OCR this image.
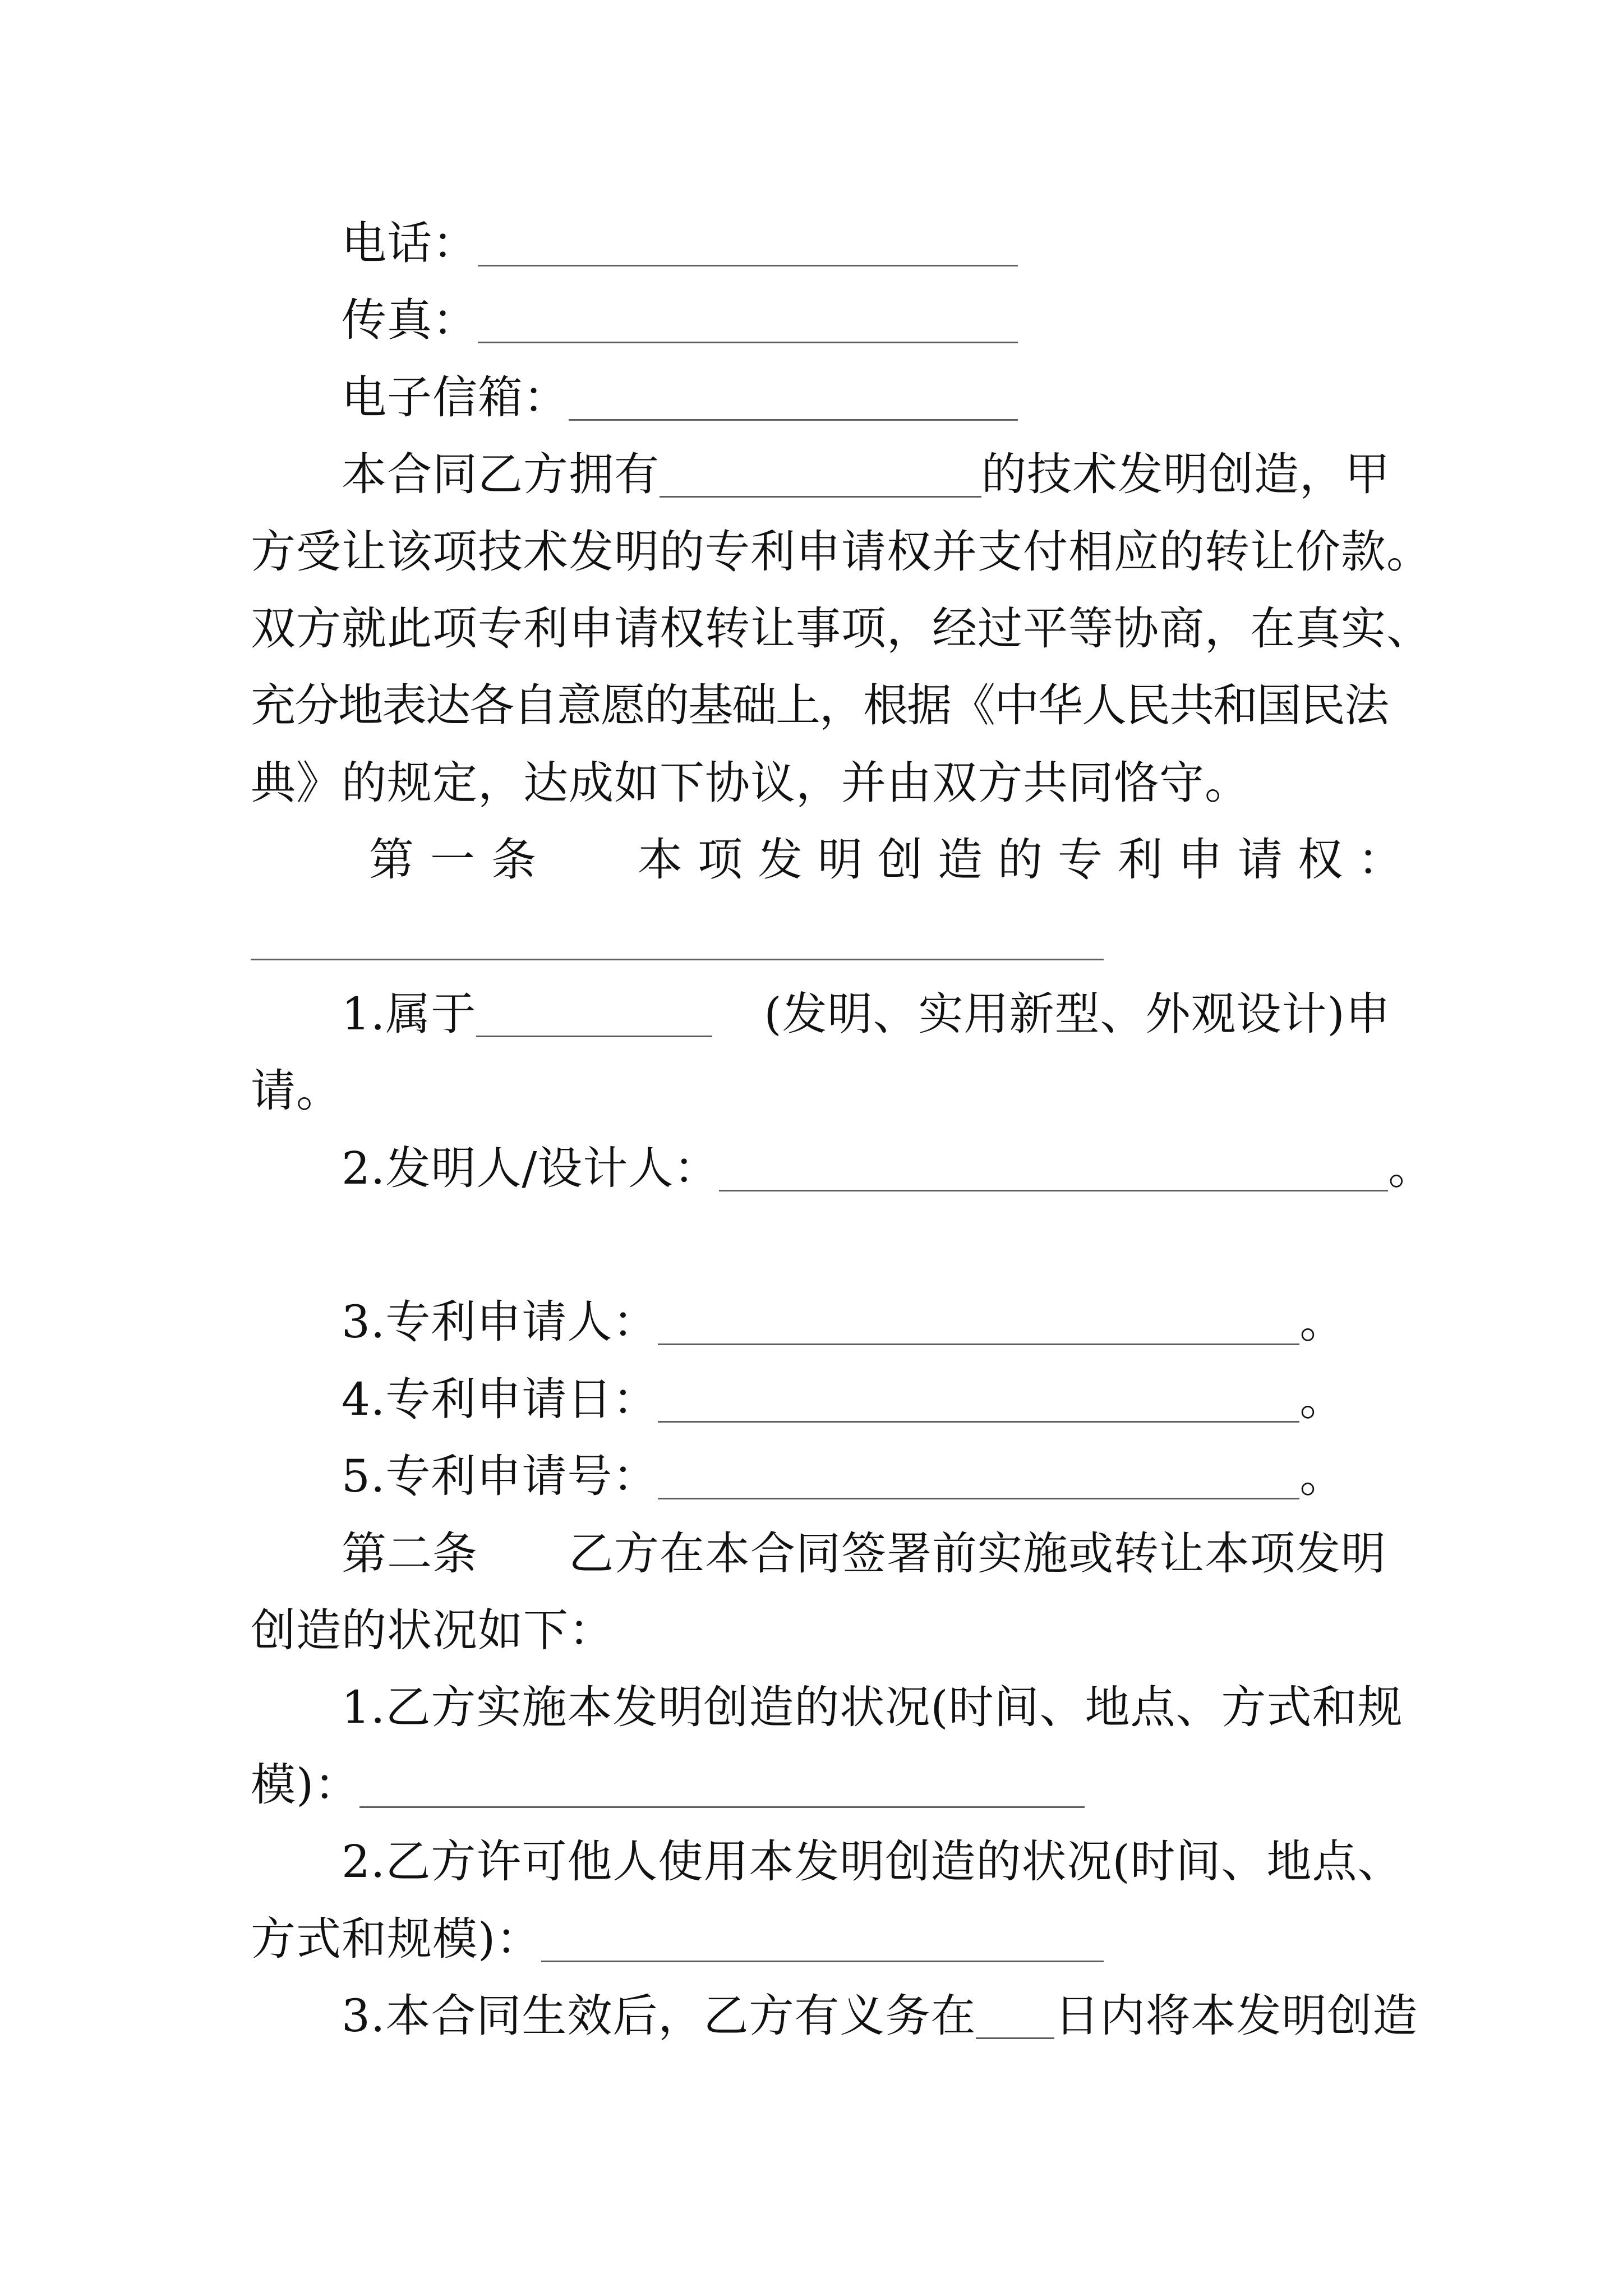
电话：
传真：
电子信箱：
本合同乙方拥有	的技术发明创造，甲
方受让该项技术发明的专利申请权并支付相应的转让价款。
双方就此项专利申请权转让事项，经过平等协商，在真实、
充分地表达各自意愿的基础上，根据《中华人民共和国民法
典》的规定，达成如下协议，并由双方共同恪守。
第一条 本项发明创造的专利申请权：
1.属于	(发明、实用新型、外观设计)申
请。
2.发明人/设计人：	。
3.专利申请人：	。
4.专利申请日：	。
5.专利申请号：	。
第二条 乙方在本合同签署前实施或转让本项发明
创造的状况如下：
1.乙方实施本发明创造的状况(时间、地点、方式和规
模)：
2.乙方许可他人使用本发明创造的状况(时间、地点、
方式和规模)：
3.本合同生效后，乙方有义务在 日内将本发明创造
